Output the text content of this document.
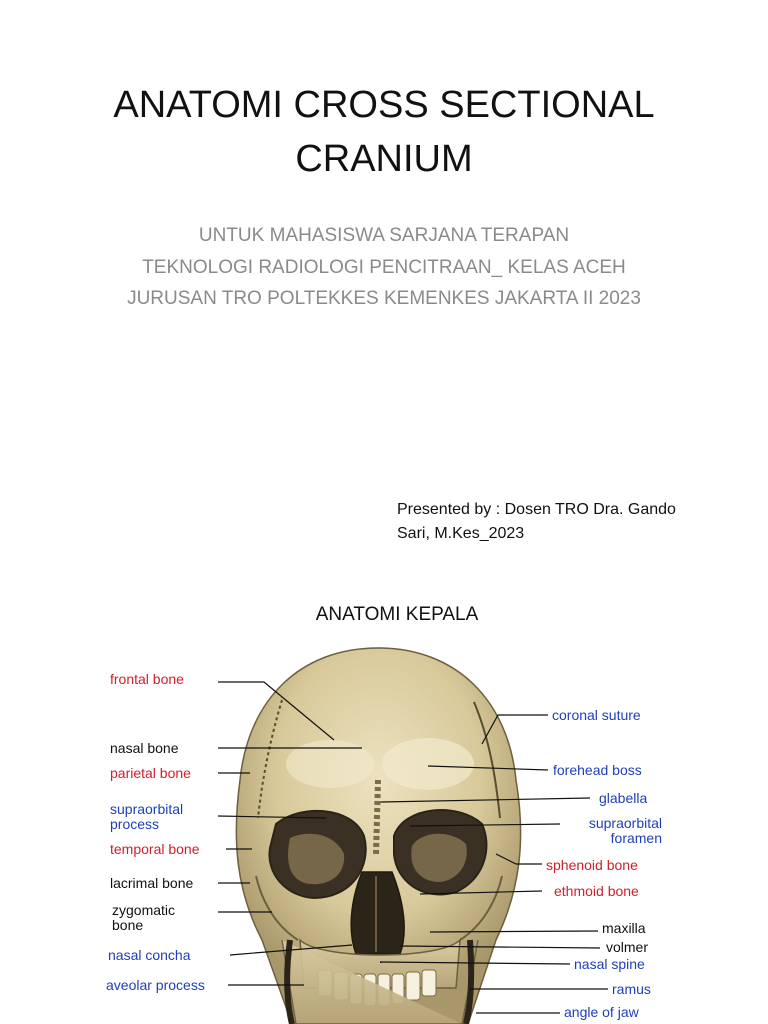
ANATOMI CROSS SECTIONAL
CRANIUM
UNTUK MAHASISWA SARJANA TERAPAN
TEKNOLOGI RADIOLOGI PENCITRAAN_ KELAS ACEH
JURUSAN TRO POLTEKKES KEMENKES JAKARTA II 2023
Presented by : Dosen TRO Dra. Gando
Sari, M.Kes_2023
ANATOMI KEPALA
frontal bone
nasal bone
parietal bone
supraorbital
process
temporal bone
lacrimal bone
zygomatic
bone
nasal concha
aveolar process
coronal suture
forehead boss
glabella
supraorbital
foramen
sphenoid bone
ethmoid bone
maxilla
volmer
nasal spine
ramus
angle of jaw
